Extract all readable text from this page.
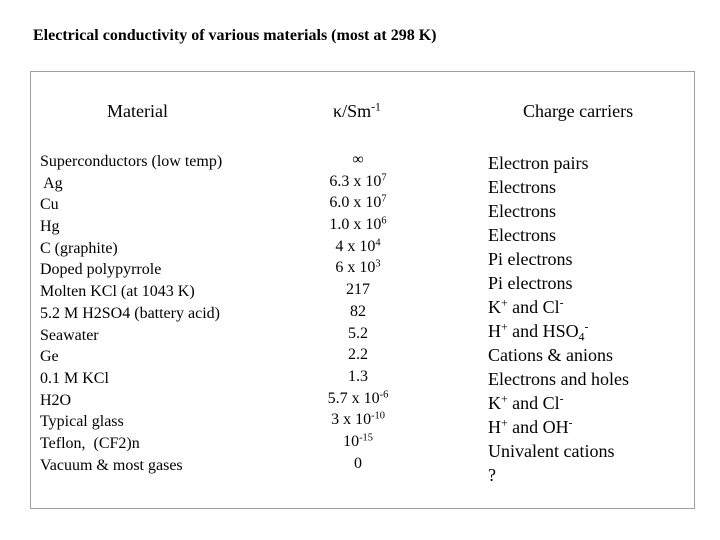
Electrical conductivity of various materials (most at 298 K)
Material	$\kappa/Sm^{-1}$	Charge carriers
Superconductors (low temp)
Ag
Cu
Hg
C (graphite)
Doped polypyrrole
Molten KCl (at 1043 K)
5.2 M H2SO4 (battery acid)
Seawater
Ge
0.1 M KCl
H2O
Typical glass
Teflon,  (CF2)n
Vacuum & most gases
∞
6.3 x $10^7$
6.0 x $10^7$
1.0 x $10^6$
4 x $10^4$
6 x $10^3$
217
82
5.2
2.2
1.3
5.7 x $10^{-6}$
3 x $10^{-10}$
$10^{-15}$
0
Electron pairs
Electrons
Electrons
Electrons
Pi electrons
Pi electrons
K+ and Cl-
H+ and $HSO_4^-$
Cations & anions
Electrons and holes
K+ and Cl-
H+ and OH-
Univalent cations
?
